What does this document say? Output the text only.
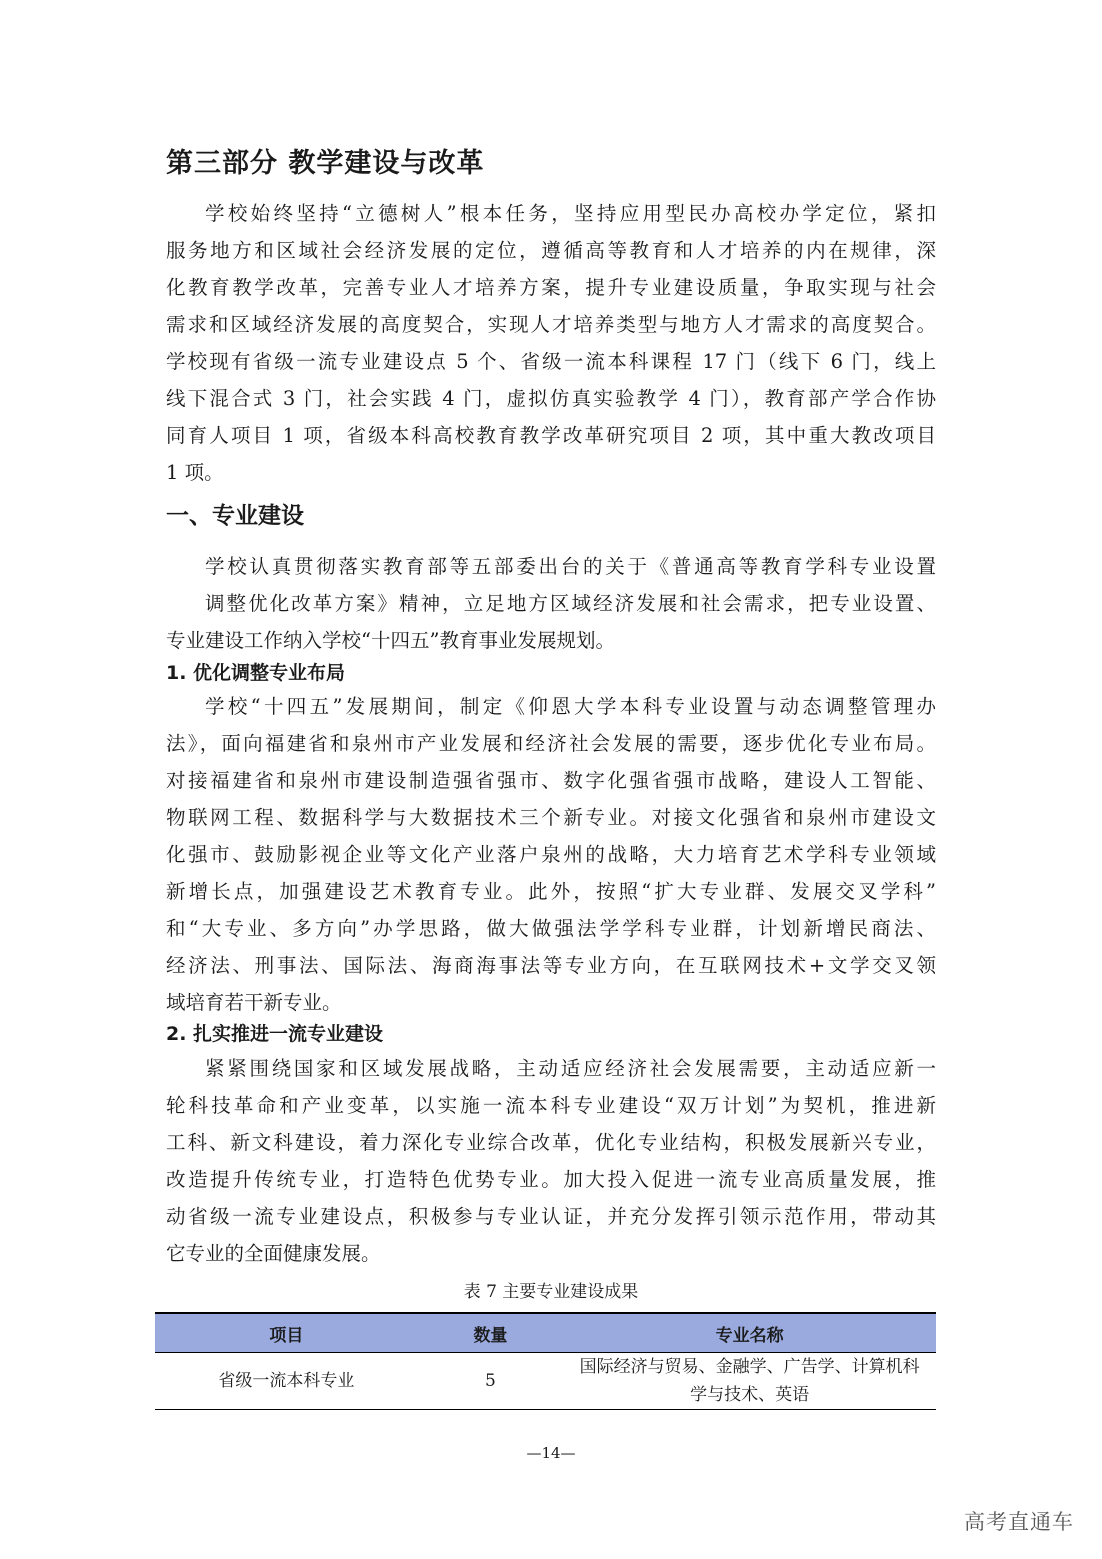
第三部分 教学建设与改革
学校始终坚持“立德树人”根本任务，坚持应用型民办高校办学定位，紧扣
服务地方和区域社会经济发展的定位，遵循高等教育和人才培养的内在规律，深
化教育教学改革，完善专业人才培养方案，提升专业建设质量，争取实现与社会
需求和区域经济发展的高度契合，实现人才培养类型与地方人才需求的高度契合。
学校现有省级一流专业建设点 5 个、省级一流本科课程 17 门（线下 6 门，线上
线下混合式 3 门，社会实践 4 门，虚拟仿真实验教学 4 门），教育部产学合作协
同育人项目 1 项，省级本科高校教育教学改革研究项目 2 项，其中重大教改项目
1 项。
一、专业建设
学校认真贯彻落实教育部等五部委出台的关于《普通高等教育学科专业设置
调整优化改革方案》精神，立足地方区域经济发展和社会需求，把专业设置、
专业建设工作纳入学校“十四五”教育事业发展规划。
1. 优化调整专业布局
学校“十四五”发展期间，制定《仰恩大学本科专业设置与动态调整管理办
法》，面向福建省和泉州市产业发展和经济社会发展的需要，逐步优化专业布局。
对接福建省和泉州市建设制造强省强市、数字化强省强市战略，建设人工智能、
物联网工程、数据科学与大数据技术三个新专业。对接文化强省和泉州市建设文
化强市、鼓励影视企业等文化产业落户泉州的战略，大力培育艺术学科专业领域
新增长点，加强建设艺术教育专业。此外，按照“扩大专业群、发展交叉学科”
和“大专业、多方向”办学思路，做大做强法学学科专业群，计划新增民商法、
经济法、刑事法、国际法、海商海事法等专业方向，在互联网技术+文学交叉领
域培育若干新专业。
2. 扎实推进一流专业建设
紧紧围绕国家和区域发展战略，主动适应经济社会发展需要，主动适应新一
轮科技革命和产业变革，以实施一流本科专业建设“双万计划”为契机，推进新
工科、新文科建设，着力深化专业综合改革，优化专业结构，积极发展新兴专业，
改造提升传统专业，打造特色优势专业。加大投入促进一流专业高质量发展，推
动省级一流专业建设点，积极参与专业认证，并充分发挥引领示范作用，带动其
它专业的全面健康发展。

表 7 主要专业建设成果

项目	数量	专业名称
省级一流本科专业	5	国际经济与贸易、金融学、广告学、计算机科
学与技术、英语

—14—

高考直通车
